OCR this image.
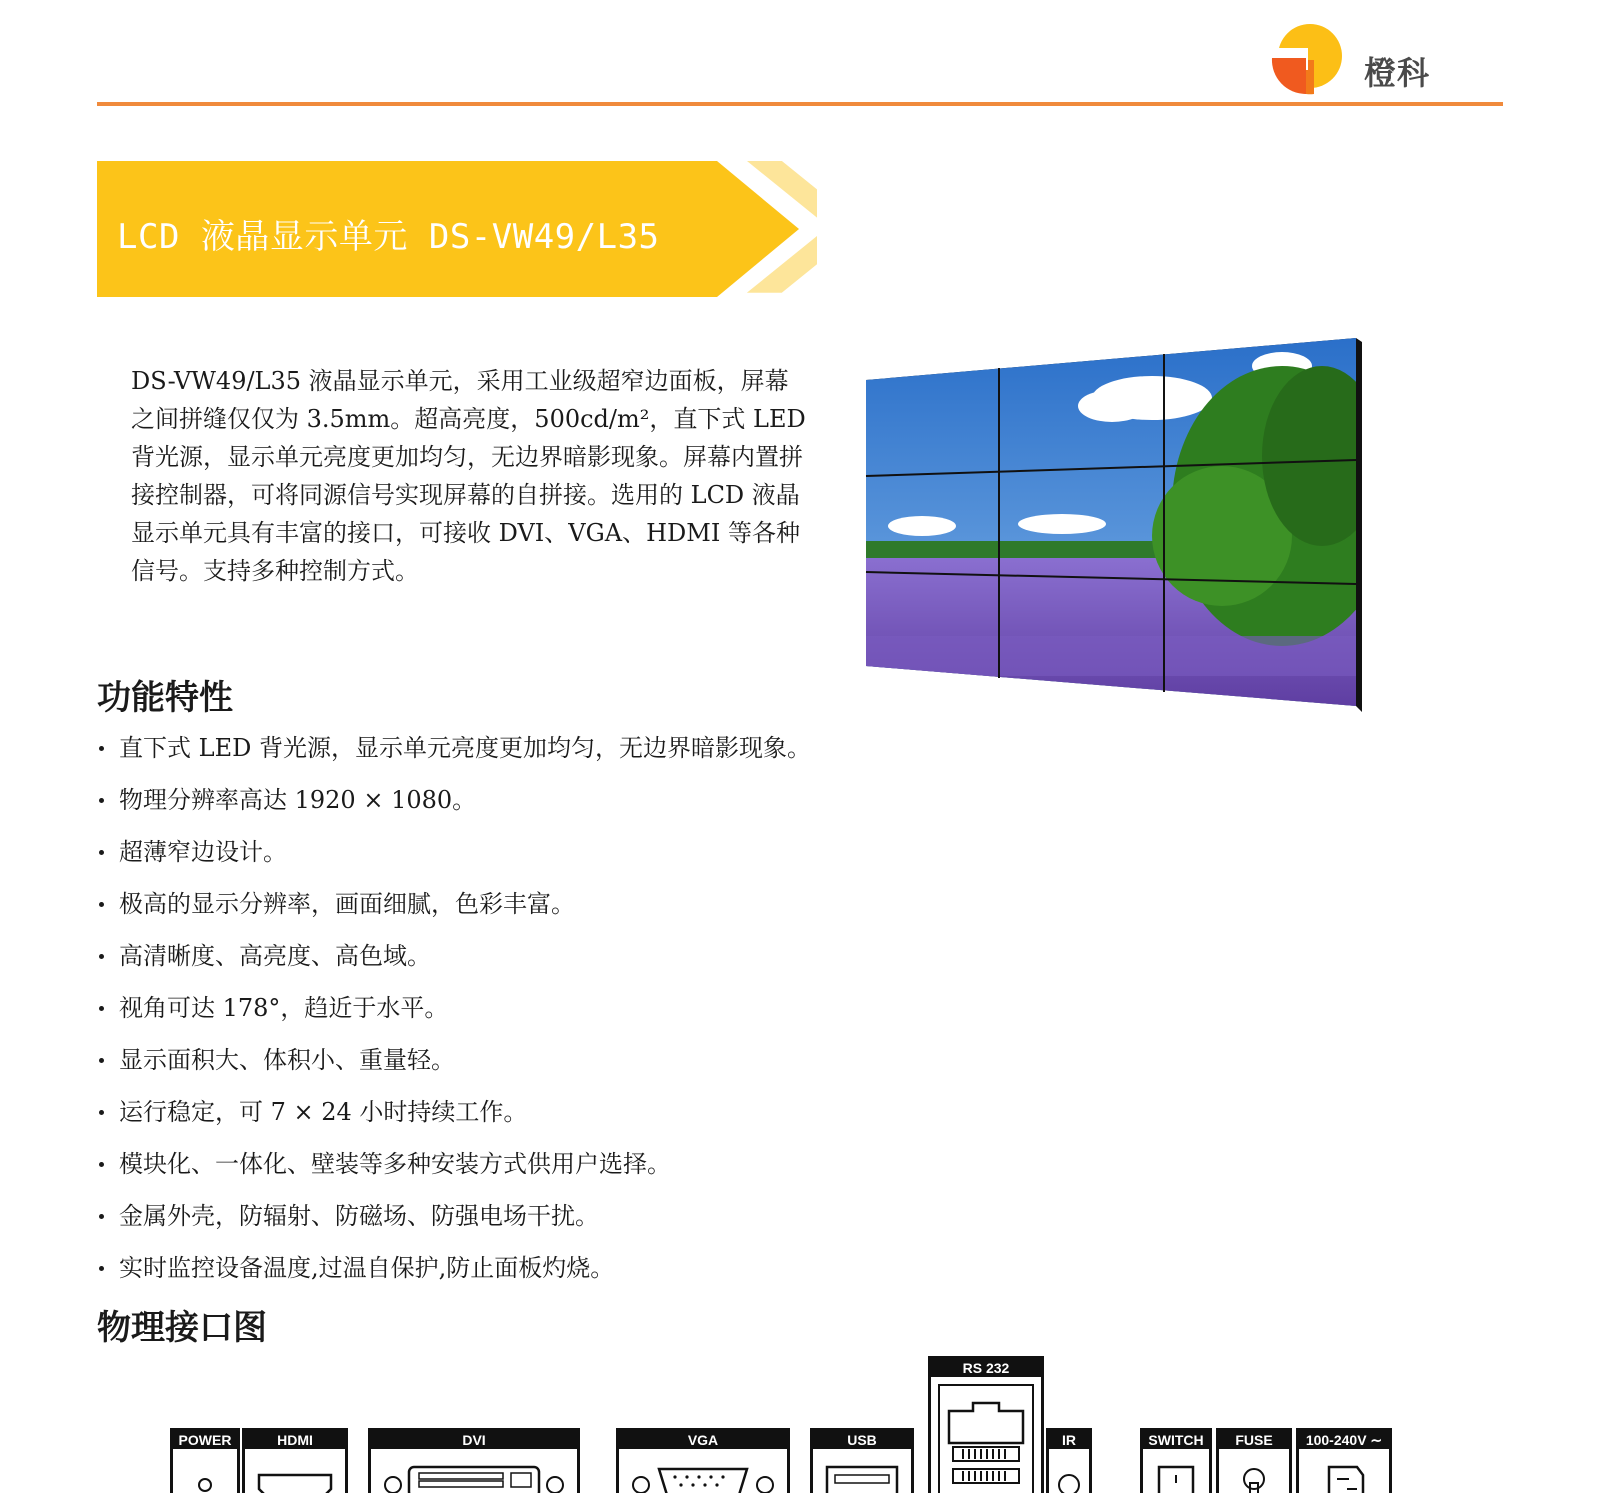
橙科
LCD 液晶显示单元 DS-VW49/L35

DS-VW49/L35 液晶显示单元，采用工业级超窄边面板，屏幕之间拼缝仅仅为 3.5mm。超高亮度，500cd/m²，直下式 LED 背光源，显示单元亮度更加均匀，无边界暗影现象。屏幕内置拼接控制器，可将同源信号实现屏幕的自拼接。选用的 LCD 液晶显示单元具有丰富的接口，可接收 DVI、VGA、HDMI 等各种信号。支持多种控制方式。

功能特性
直下式 LED 背光源，显示单元亮度更加均匀，无边界暗影现象。
物理分辨率高达 1920 × 1080。
超薄窄边设计。
极高的显示分辨率，画面细腻，色彩丰富。
高清晰度、高亮度、高色域。
视角可达 178°，趋近于水平。
显示面积大、体积小、重量轻。
运行稳定，可 7 × 24 小时持续工作。
模块化、一体化、壁装等多种安装方式供用户选择。
金属外壳，防辐射、防磁场、防强电场干扰。
实时监控设备温度,过温自保护,防止面板灼烧。
物理接口图
POWER	HDMI	DVI	VGA	USB
RS 232
IR	SWITCH	FUSE	100-240V ∼
